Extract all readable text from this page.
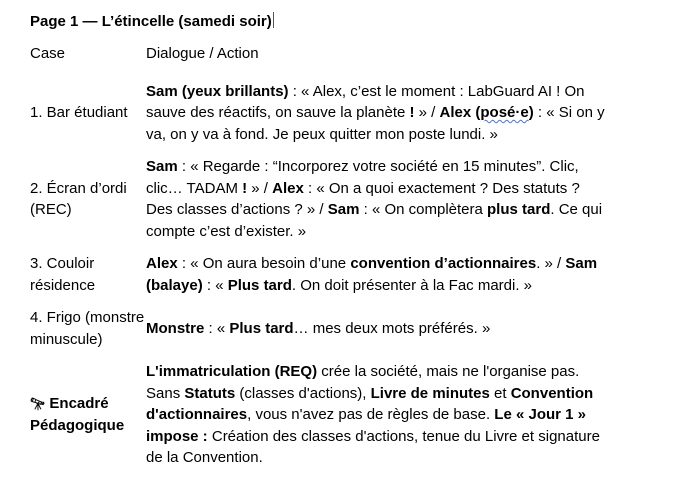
Page 1 — L’étincelle (samedi soir)
Case	Dialogue / Action
1. Bar étudiant	Sam (yeux brillants) : « Alex, c’est le moment : LabGuard AI ! On sauve des réactifs, on sauve la planète ! » / Alex (posé·e) : « Si on y va, on y va à fond. Je peux quitter mon poste lundi. »
2. Écran d’ordi (REC)	Sam : « Regarde : “Incorporez votre société en 15 minutes”. Clic, clic… TADAM ! » / Alex : « On a quoi exactement ? Des statuts ? Des classes d’actions ? » / Sam : « On complètera plus tard. Ce qui compte c’est d’exister. »
3. Couloir résidence	Alex : « On aura besoin d’une convention d’actionnaires. » / Sam (balaye) : « Plus tard. On doit présenter à la Fac mardi. »
4. Frigo (monstre minuscule)	Monstre : « Plus tard… mes deux mots préférés. »
🔭︎ Encadré Pédagogique	L'immatriculation (REQ) crée la société, mais ne l'organise pas. Sans Statuts (classes d'actions), Livre de minutes et Convention d'actionnaires, vous n'avez pas de règles de base. Le « Jour 1 » impose : Création des classes d'actions, tenue du Livre et signature de la Convention.
